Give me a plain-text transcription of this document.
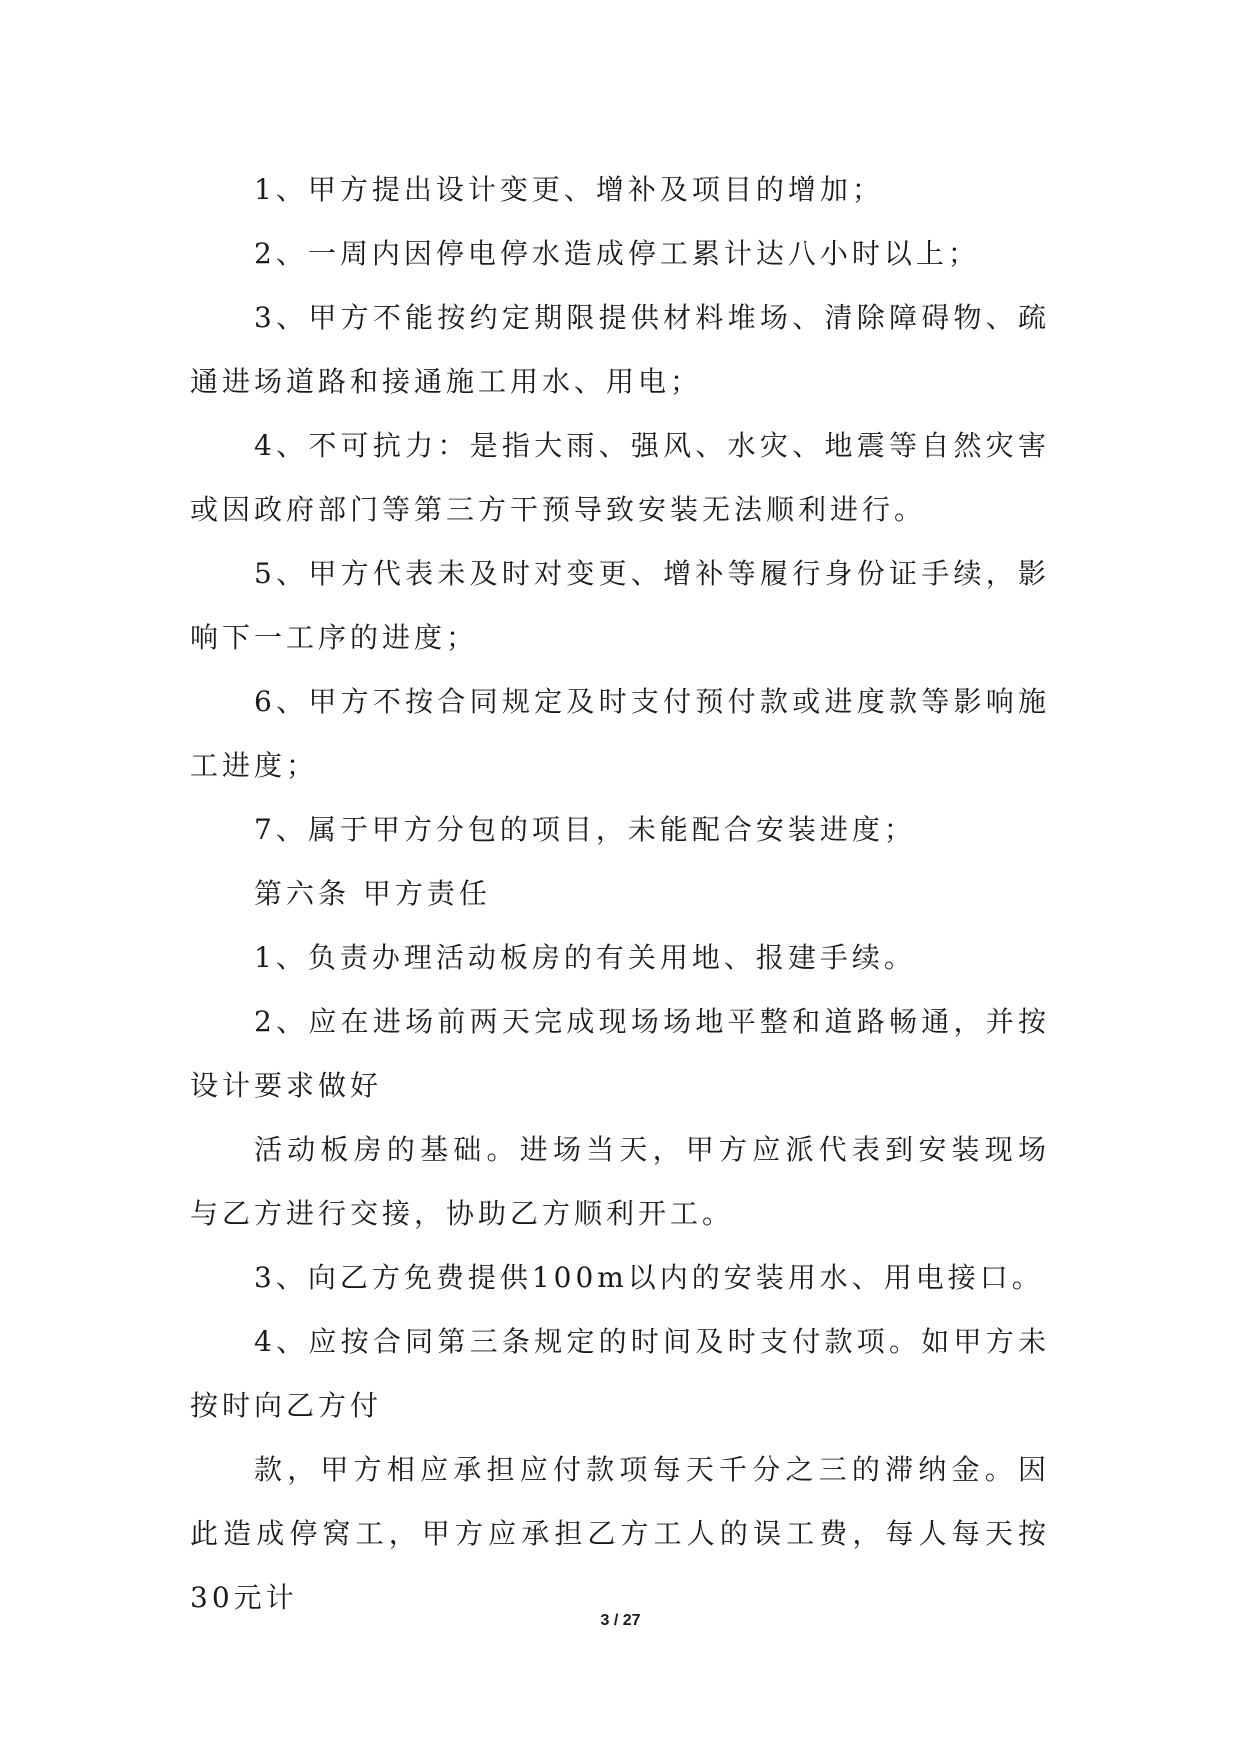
1、甲方提出设计变更、增补及项目的增加；

2、一周内因停电停水造成停工累计达八小时以上；

3、甲方不能按约定期限提供材料堆场、清除障碍物、疏通进场道路和接通施工用水、用电；

4、不可抗力：是指大雨、强风、水灾、地震等自然灾害或因政府部门等第三方干预导致安装无法顺利进行。

5、甲方代表未及时对变更、增补等履行身份证手续，影响下一工序的进度；

6、甲方不按合同规定及时支付预付款或进度款等影响施工进度；

7、属于甲方分包的项目，未能配合安装进度；

第六条 甲方责任

1、负责办理活动板房的有关用地、报建手续。

2、应在进场前两天完成现场场地平整和道路畅通，并按设计要求做好

活动板房的基础。进场当天，甲方应派代表到安装现场与乙方进行交接，协助乙方顺利开工。

3、向乙方免费提供100m以内的安装用水、用电接口。

4、应按合同第三条规定的时间及时支付款项。如甲方未按时向乙方付

款，甲方相应承担应付款项每天千分之三的滞纳金。因此造成停窝工，甲方应承担乙方工人的误工费，每人每天按30元计

3 / 27
